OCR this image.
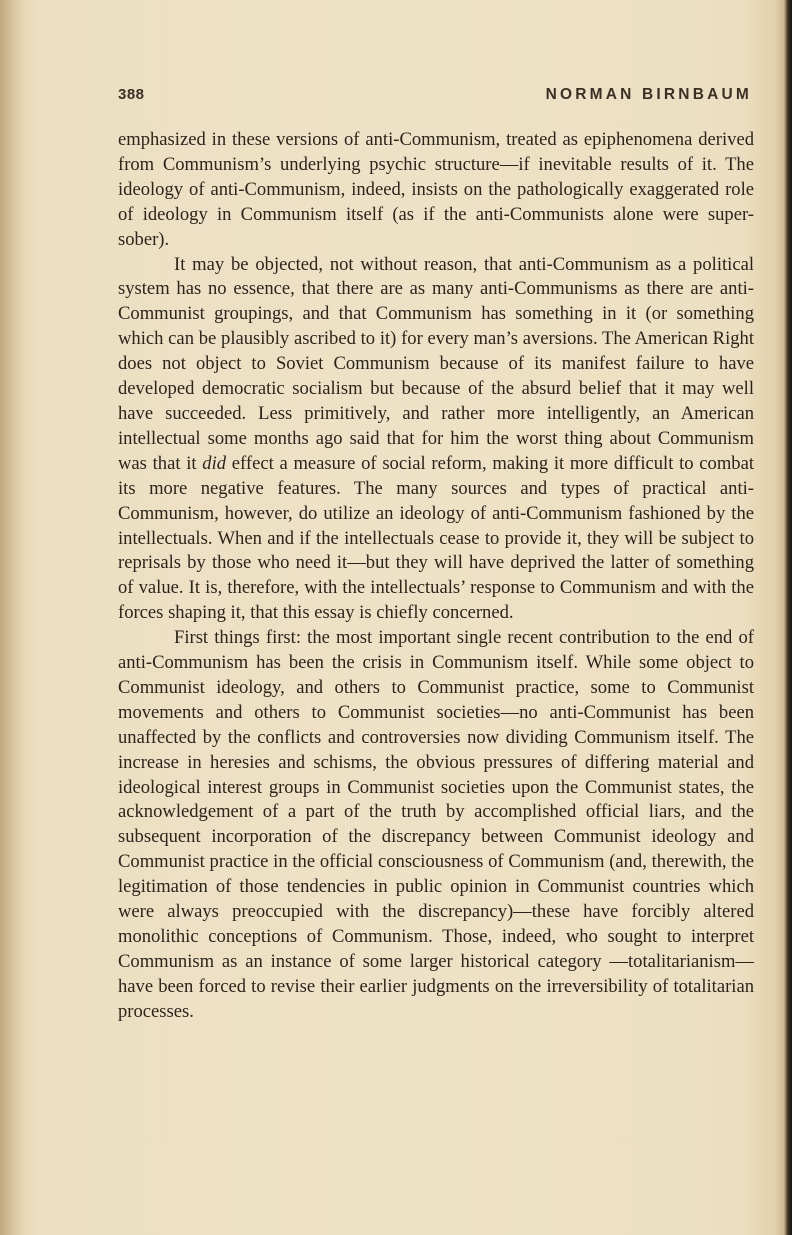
388	NORMAN BIRNBAUM

emphasized in these versions of anti-Communism, treated as epiphenomena derived from Communism’s underlying psychic structure—if inevitable results of it. The ideology of anti-Communism, indeed, insists on the pathologically exaggerated role of ideology in Communism itself (as if the anti-Communists alone were super-sober).

It may be objected, not without reason, that anti-Communism as a political system has no essence, that there are as many anti-Communisms as there are anti-Communist groupings, and that Communism has something in it (or something which can be plausibly ascribed to it) for every man’s aversions. The American Right does not object to Soviet Communism because of its manifest failure to have developed democratic socialism but because of the absurd belief that it may well have succeeded. Less primitively, and rather more intelligently, an American intellectual some months ago said that for him the worst thing about Communism was that it did effect a measure of social reform, making it more difficult to combat its more negative features. The many sources and types of practical anti-Communism, however, do utilize an ideology of anti-Communism fashioned by the intellectuals. When and if the intellectuals cease to provide it, they will be subject to reprisals by those who need it—but they will have deprived the latter of something of value. It is, therefore, with the intellectuals’ response to Communism and with the forces shaping it, that this essay is chiefly concerned.

First things first: the most important single recent contribution to the end of anti-Communism has been the crisis in Communism itself. While some object to Communist ideology, and others to Communist practice, some to Communist movements and others to Communist societies—no anti-Communist has been unaffected by the conflicts and controversies now dividing Communism itself. The increase in heresies and schisms, the obvious pressures of differing material and ideological interest groups in Communist societies upon the Communist states, the acknowledgement of a part of the truth by accomplished official liars, and the subsequent incorporation of the discrepancy between Communist ideology and Communist practice in the official consciousness of Communism (and, therewith, the legitimation of those tendencies in public opinion in Communist countries which were always preoccupied with the discrepancy)—these have forcibly altered monolithic conceptions of Communism. Those, indeed, who sought to interpret Communism as an instance of some larger historical category —totalitarianism—have been forced to revise their earlier judgments on the irreversibility of totalitarian processes.
